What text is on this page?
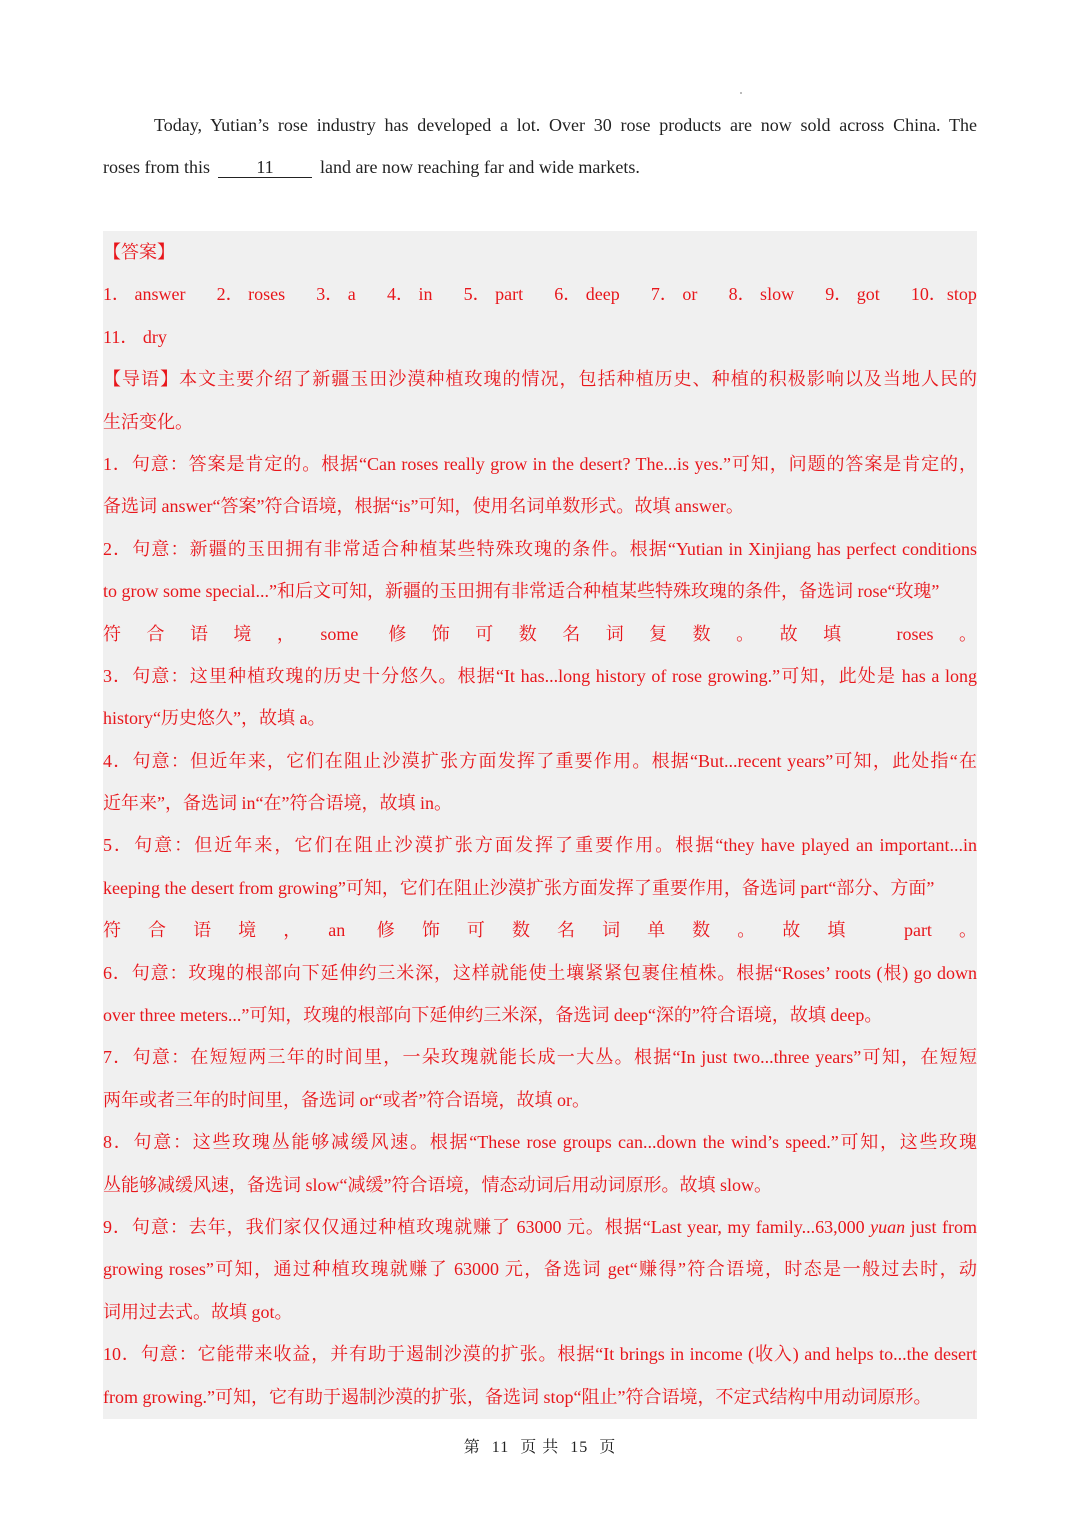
Today, Yutian’s rose industry has developed a lot. Over 30 rose products are now sold across China. The
roses from this	11	land are now reaching far and wide markets.
【答案】
1． answer 2． roses 3． a 4． in 5． part 6． deep 7． or 8． slow 9． got 10．stop
11． dry
【导语】本文主要介绍了新疆玉田沙漠种植玫瑰的情况，包括种植历史、种植的积极影响以及当地人民的
生活变化。
1．句意：答案是肯定的。根据“Can roses really grow in the desert? The...is yes.”可知，问题的答案是肯定的，
备选词 answer“答案”符合语境，根据“is”可知，使用名词单数形式。故填 answer。
2．句意：新疆的玉田拥有非常适合种植某些特殊玫瑰的条件。根据“Yutian in Xinjiang has perfect conditions
to grow some special...”和后文可知，新疆的玉田拥有非常适合种植某些特殊玫瑰的条件，备选词 rose“玫瑰”
符合语境，some 修饰可数名词复数。故填 roses。
3．句意：这里种植玫瑰的历史十分悠久。根据“It has...long history of rose growing.”可知，此处是 has a long
history“历史悠久”，故填 a。
4．句意：但近年来，它们在阻止沙漠扩张方面发挥了重要作用。根据“But...recent years”可知，此处指“在
近年来”，备选词 in“在”符合语境，故填 in。
5．句意：但近年来，它们在阻止沙漠扩张方面发挥了重要作用。根据“they have played an important...in
keeping the desert from growing”可知，它们在阻止沙漠扩张方面发挥了重要作用，备选词 part“部分、方面”
符合语境，an 修饰可数名词单数。故填 part。
6．句意：玫瑰的根部向下延伸约三米深，这样就能使土壤紧紧包裹住植株。根据“Roses’ roots (根) go down
over three meters...”可知，玫瑰的根部向下延伸约三米深，备选词 deep“深的”符合语境，故填 deep。
7．句意：在短短两三年的时间里，一朵玫瑰就能长成一大丛。根据“In just two...three years”可知，在短短
两年或者三年的时间里，备选词 or“或者”符合语境，故填 or。
8．句意：这些玫瑰丛能够减缓风速。根据“These rose groups can...down the wind’s speed.”可知，这些玫瑰
丛能够减缓风速，备选词 slow“减缓”符合语境，情态动词后用动词原形。故填 slow。
9．句意：去年，我们家仅仅通过种植玫瑰就赚了 63000 元。根据“Last year, my family...63,000 yuan just from
growing roses”可知，通过种植玫瑰就赚了 63000 元，备选词 get“赚得”符合语境，时态是一般过去时，动
词用过去式。故填 got。
10．句意：它能带来收益，并有助于遏制沙漠的扩张。根据“It brings in income (收入) and helps to...the desert
from growing.”可知，它有助于遏制沙漠的扩张，备选词 stop“阻止”符合语境，不定式结构中用动词原形。
第 11 页 共 15 页
